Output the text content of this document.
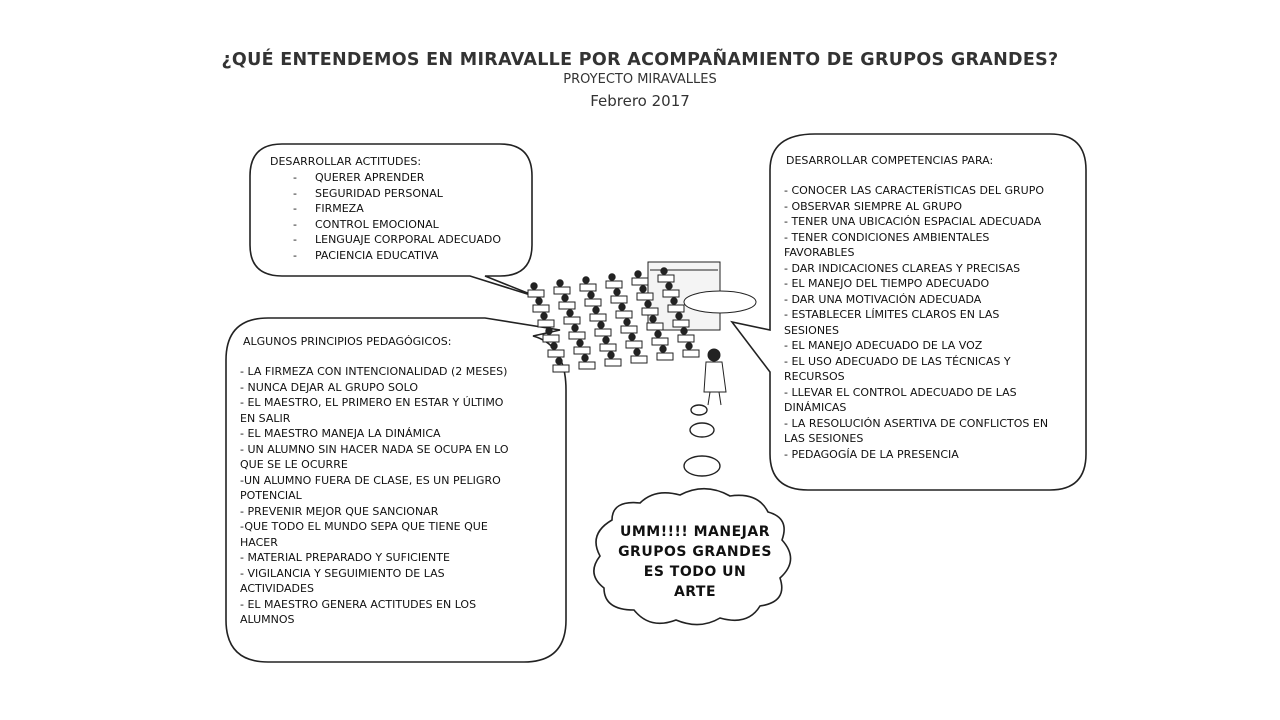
¿QUÉ ENTENDEMOS EN MIRAVALLE POR ACOMPAÑAMIENTO DE GRUPOS GRANDES?
PROYECTO MIRAVALLES
Febrero 2017
DESARROLLAR ACTITUDES:
- QUERER APRENDER
- SEGURIDAD PERSONAL
- FIRMEZA
- CONTROL EMOCIONAL
- LENGUAJE CORPORAL ADECUADO
- PACIENCIA EDUCATIVA
ALGUNOS PRINCIPIOS PEDAGÓGICOS:
- LA FIRMEZA CON INTENCIONALIDAD (2 MESES)
- NUNCA DEJAR AL GRUPO SOLO
- EL MAESTRO, EL PRIMERO EN ESTAR Y ÚLTIMO
EN SALIR
- EL MAESTRO MANEJA LA DINÁMICA
- UN ALUMNO SIN HACER NADA SE OCUPA EN LO
QUE SE LE OCURRE
-UN ALUMNO FUERA DE CLASE, ES UN PELIGRO
POTENCIAL
- PREVENIR MEJOR QUE SANCIONAR
-QUE TODO EL MUNDO SEPA QUE TIENE QUE
HACER
- MATERIAL PREPARADO Y SUFICIENTE
- VIGILANCIA Y SEGUIMIENTO DE LAS
ACTIVIDADES
- EL MAESTRO GENERA ACTITUDES EN LOS
ALUMNOS
DESARROLLAR COMPETENCIAS PARA:
- CONOCER LAS CARACTERÍSTICAS DEL GRUPO
- OBSERVAR SIEMPRE AL GRUPO
- TENER UNA UBICACIÓN ESPACIAL ADECUADA
- TENER CONDICIONES AMBIENTALES
FAVORABLES
- DAR INDICACIONES CLAREAS Y PRECISAS
- EL MANEJO DEL TIEMPO ADECUADO
- DAR UNA MOTIVACIÓN ADECUADA
- ESTABLECER LÍMITES CLAROS EN LAS
SESIONES
- EL MANEJO ADECUADO DE LA VOZ
- EL USO ADECUADO DE LAS TÉCNICAS Y
RECURSOS
- LLEVAR EL CONTROL ADECUADO DE LAS
DINÁMICAS
- LA RESOLUCIÓN ASERTIVA DE CONFLICTOS EN
LAS SESIONES
- PEDAGOGÍA DE LA PRESENCIA
UMM!!!! MANEJAR
GRUPOS GRANDES
ES TODO UN
ARTE
